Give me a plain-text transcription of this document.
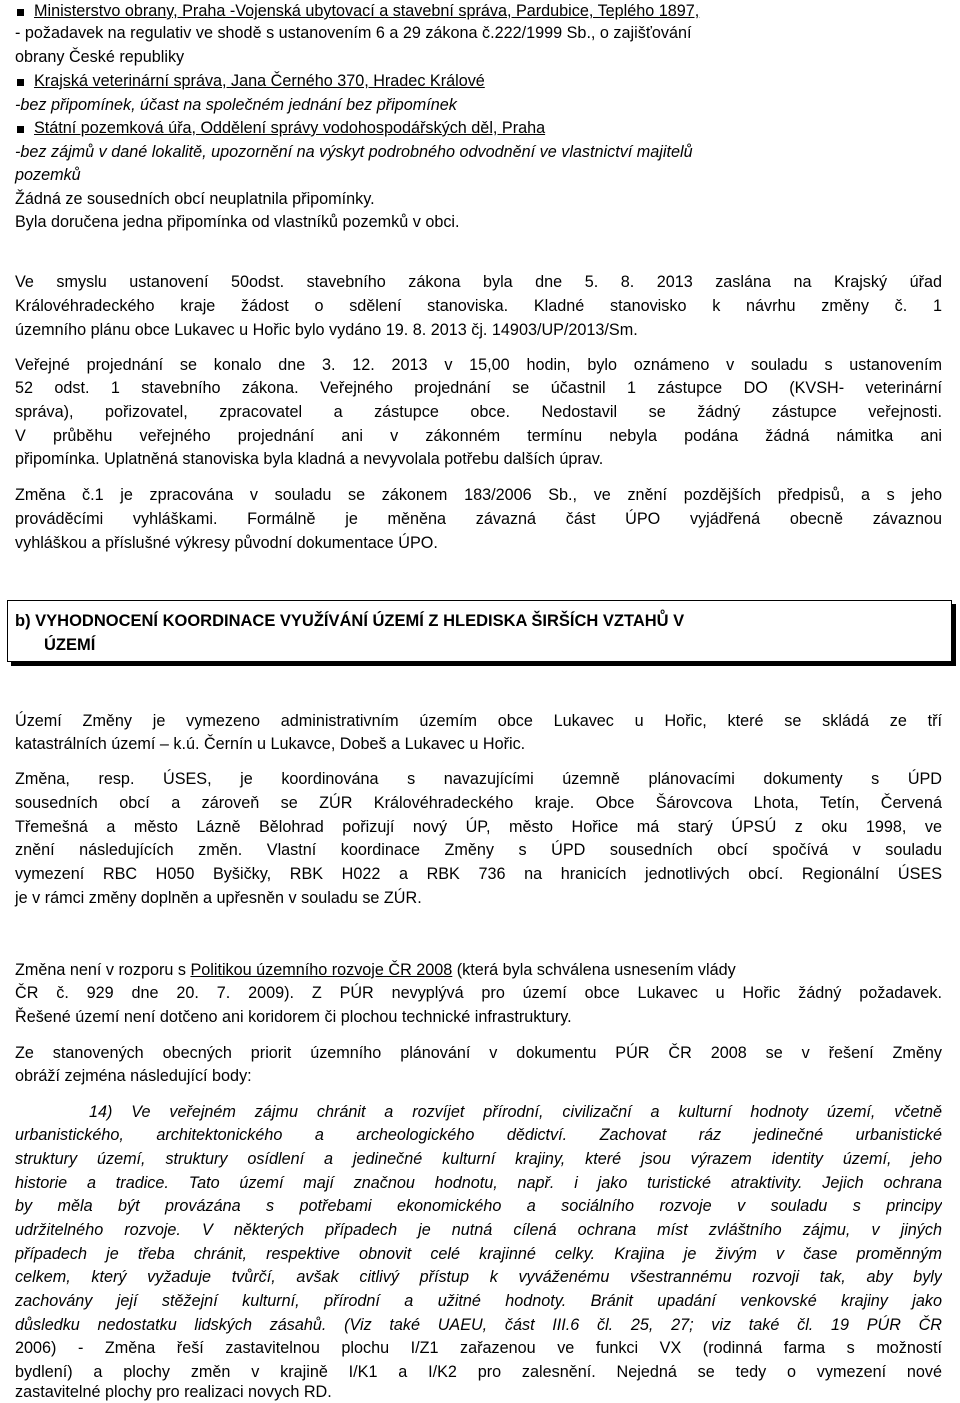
Ministerstvo obrany, Praha -Vojenská ubytovací a stavební správa, Pardubice, Teplého 1897,
- požadavek na regulativ ve shodě s ustanovením 6 a 29 zákona č.222/1999 Sb., o zajišťování
obrany České republiky
Krajská veterinární správa, Jana Černého 370, Hradec Králové
-bez připomínek, účast na společném jednání bez připomínek
Státní pozemková úřa, Oddělení správy vodohospodářských děl, Praha
-bez zájmů v dané lokalitě, upozornění na výskyt podrobného odvodnění ve vlastnictví majitelů
pozemků
Žádná ze sousedních obcí neuplatnila připomínky.
Byla doručena jedna připomínka od vlastníků pozemků v obci.
Ve smyslu ustanovení 50odst. stavebního zákona byla dne 5. 8. 2013 zaslána na Krajský úřad
Královéhradeckého kraje žádost o sdělení stanoviska. Kladné stanovisko k návrhu změny č. 1
územního plánu obce Lukavec u Hořic bylo vydáno 19. 8. 2013 čj. 14903/UP/2013/Sm.
Veřejné projednání se konalo dne 3. 12. 2013 v 15,00 hodin, bylo oznámeno v souladu s ustanovením
52 odst. 1 stavebního zákona. Veřejného projednání se účastnil 1 zástupce DO (KVSH- veterinární
správa), pořizovatel, zpracovatel a zástupce obce. Nedostavil se žádný zástupce veřejnosti.
V průběhu veřejného projednání ani v zákonném termínu nebyla podána žádná námitka ani
připomínka. Uplatněná stanoviska byla kladná a nevyvolala potřebu dalších úprav.
Změna č.1 je zpracována v souladu se zákonem 183/2006 Sb., ve znění pozdějších předpisů, a s jeho
prováděcími vyhláškami. Formálně je měněna závazná část ÚPO vyjádřená obecně závaznou
vyhláškou a příslušné výkresy původní dokumentace ÚPO.
b) VYHODNOCENÍ KOORDINACE VYUŽÍVÁNÍ ÚZEMÍ Z HLEDISKA ŠIRŠÍCH VZTAHŮ V
ÚZEMÍ
Území Změny je vymezeno administrativním územím obce Lukavec u Hořic, které se skládá ze tří
katastrálních území – k.ú. Černín u Lukavce, Dobeš a Lukavec u Hořic.
Změna, resp. ÚSES, je koordinována s navazujícími územně plánovacími dokumenty s ÚPD
sousedních obcí a zároveň se ZÚR Královéhradeckého kraje. Obce Šárovcova Lhota, Tetín, Červená
Třemešná a město Lázně Bělohrad pořizují nový ÚP, město Hořice má starý ÚPSÚ z oku 1998, ve
znění následujících změn. Vlastní koordinace Změny s ÚPD sousedních obcí spočívá v souladu
vymezení RBC H050 Byšičky, RBK H022 a RBK 736 na hranicích jednotlivých obcí. Regionální ÚSES
je v rámci změny doplněn a upřesněn v souladu se ZÚR.
Změna není v rozporu s Politikou územního rozvoje ČR 2008 (která byla schválena usnesením vlády
ČR č. 929 dne 20. 7. 2009). Z PÚR nevyplývá pro území obce Lukavec u Hořic žádný požadavek.
Řešené území není dotčeno ani koridorem či plochou technické infrastruktury.
Ze stanovených obecných priorit územního plánování v dokumentu PÚR ČR 2008 se v řešení Změny
obráží zejména následující body:
14) Ve veřejném zájmu chránit a rozvíjet přírodní, civilizační a kulturní hodnoty území, včetně
urbanistického, architektonického a archeologického dědictví. Zachovat ráz jedinečné urbanistické
struktury území, struktury osídlení a jedinečné kulturní krajiny, které jsou výrazem identity území, jeho
historie a tradice. Tato území mají značnou hodnotu, např. i jako turistické atraktivity. Jejich ochrana
by měla být provázána s potřebami ekonomického a sociálního rozvoje v souladu s principy
udržitelného rozvoje. V některých případech je nutná cílená ochrana míst zvláštního zájmu, v jiných
případech je třeba chránit, respektive obnovit celé krajinné celky. Krajina je živým v čase proměnným
celkem, který vyžaduje tvůrčí, avšak citlivý přístup k vyváženému všestrannému rozvoji tak, aby byly
zachovány její stěžejní kulturní, přírodní a užitné hodnoty. Bránit upadání venkovské krajiny jako
důsledku nedostatku lidských zásahů. (Viz také UAEU, část III.6 čl. 25, 27; viz také čl. 19 PÚR ČR
2006) - Změna řeší zastavitelnou plochu I/Z1 zařazenou ve funkci VX (rodinná farma s možností
bydlení) a plochy změn v krajině I/K1 a I/K2 pro zalesnění. Nejedná se tedy o vymezení nové
zastavitelné plochy pro realizaci novych RD.
